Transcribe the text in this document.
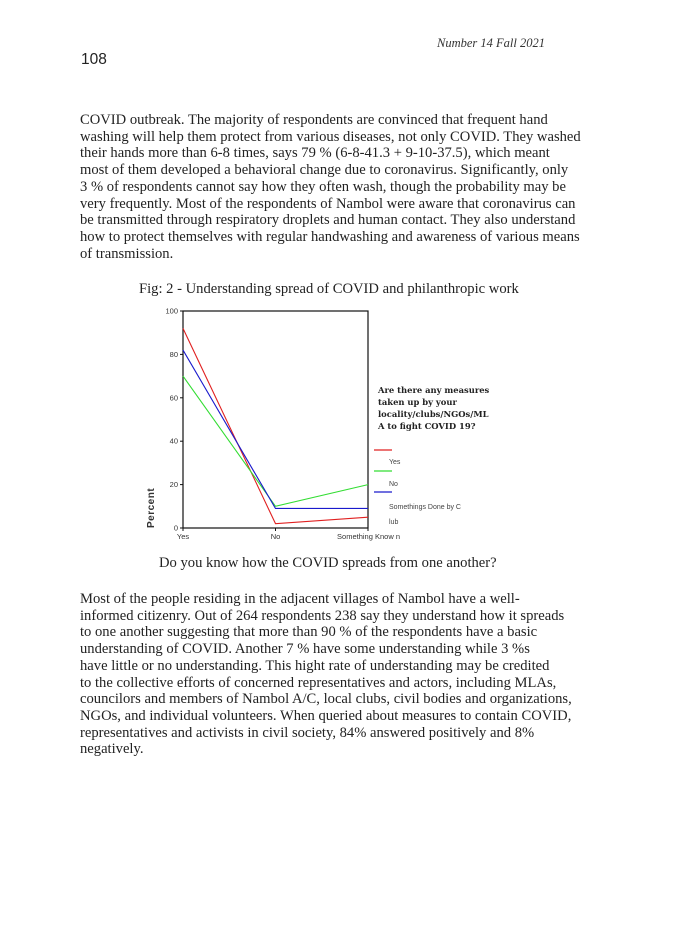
Number 14 Fall 2021
108
COVID outbreak. The majority of respondents are convinced that frequent hand
washing will help them protect from various diseases, not only COVID. They washed
their hands more than 6-8 times, says 79 % (6-8-41.3 + 9-10-37.5), which meant
most of them developed a behavioral change due to coronavirus. Significantly, only
3 % of respondents cannot say how they often wash, though the probability may be
very frequently. Most of the respondents of Nambol were aware that coronavirus can
be transmitted through respiratory droplets and human contact. They also understand
how to protect themselves with regular handwashing and awareness of various means
of transmission.
Fig: 2 - Understanding spread of COVID and philanthropic work
0
20
40
60
80
100
Yes	No	Something Know n
Percent
Yes
No
Somethings Done by C
lub
Are there any measures
taken up by your
locality/clubs/NGOs/ML
A to fight COVID 19?
Do you know how the COVID spreads from one another?
Most of the people residing in the adjacent villages of Nambol have a well-
informed citizenry. Out of 264 respondents 238 say they understand how it spreads
to one another suggesting that more than 90 % of the respondents have a basic
understanding of COVID. Another 7 % have some understanding while 3 %s
have little or no understanding. This hight rate of understanding may be credited
to the collective efforts of concerned representatives and actors, including MLAs,
councilors and members of Nambol A/C, local clubs, civil bodies and organizations,
NGOs, and individual volunteers. When queried about measures to contain COVID,
representatives and activists in civil society, 84% answered positively and 8%
negatively.
